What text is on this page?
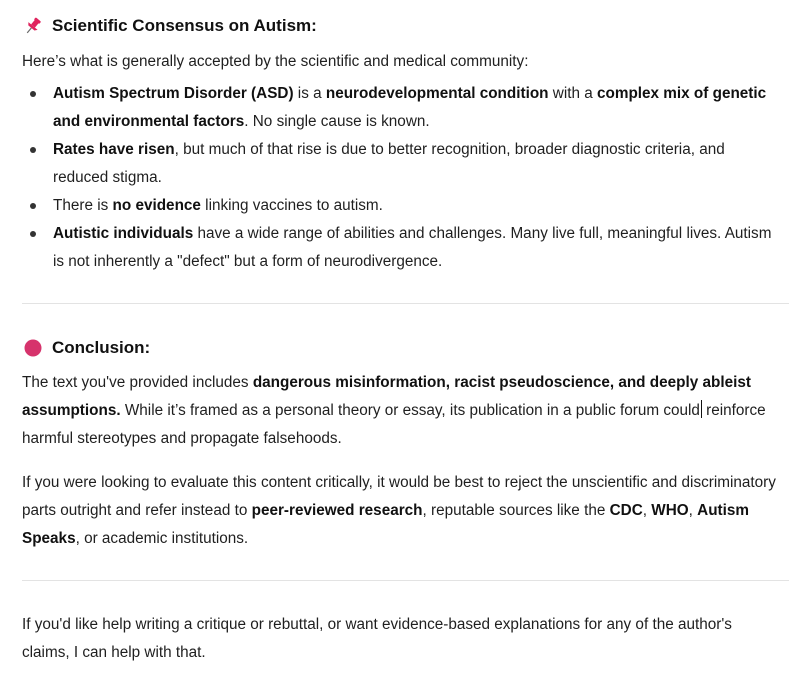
Scientific Consensus on Autism:

Here’s what is generally accepted by the scientific and medical community:

Autism Spectrum Disorder (ASD) is a neurodevelopmental condition with a complex mix of genetic and environmental factors. No single cause is known.
Rates have risen, but much of that rise is due to better recognition, broader diagnostic criteria, and reduced stigma.
There is no evidence linking vaccines to autism.
Autistic individuals have a wide range of abilities and challenges. Many live full, meaningful lives. Autism is not inherently a "defect" but a form of neurodivergence.
Conclusion:

The text you've provided includes dangerous misinformation, racist pseudoscience, and deeply ableist assumptions. While it’s framed as a personal theory or essay, its publication in a public forum could reinforce harmful stereotypes and propagate falsehoods.

If you were looking to evaluate this content critically, it would be best to reject the unscientific and discriminatory parts outright and refer instead to peer-reviewed research, reputable sources like the CDC, WHO, Autism Speaks, or academic institutions.

If you'd like help writing a critique or rebuttal, or want evidence-based explanations for any of the author's claims, I can help with that.
